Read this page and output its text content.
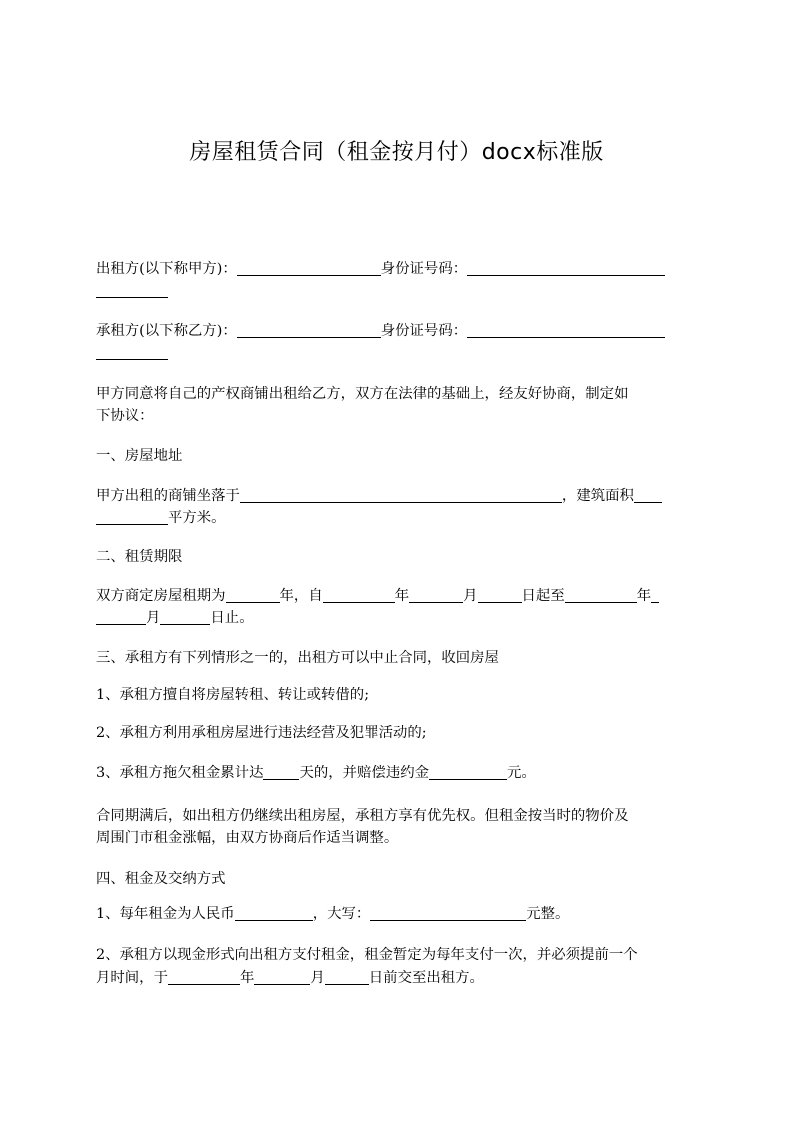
房屋租赁合同（租金按月付）docx标准版
出租方(以下称甲方)：	身份证号码：
承租方(以下称乙方)：	身份证号码：
甲方同意将自己的产权商铺出租给乙方，双方在法律的基础上，经友好协商，制定如
下协议：
一、房屋地址
甲方出租的商铺坐落于	，建筑面积
平方米。
二、租赁期限
双方商定房屋租期为	年，自	年	月	日起至	年
月	日止。
三、承租方有下列情形之一的，出租方可以中止合同，收回房屋
1、承租方擅自将房屋转租、转让或转借的;
2、承租方利用承租房屋进行违法经营及犯罪活动的;
3、承租方拖欠租金累计达	天的，并赔偿违约金	元。
合同期满后，如出租方仍继续出租房屋，承租方享有优先权。但租金按当时的物价及
周围门市租金涨幅，由双方协商后作适当调整。
四、租金及交纳方式
1、每年租金为人民币	，大写：	元整。
2、承租方以现金形式向出租方支付租金，租金暂定为每年支付一次，并必须提前一个
月时间，于	年	月	日前交至出租方。
